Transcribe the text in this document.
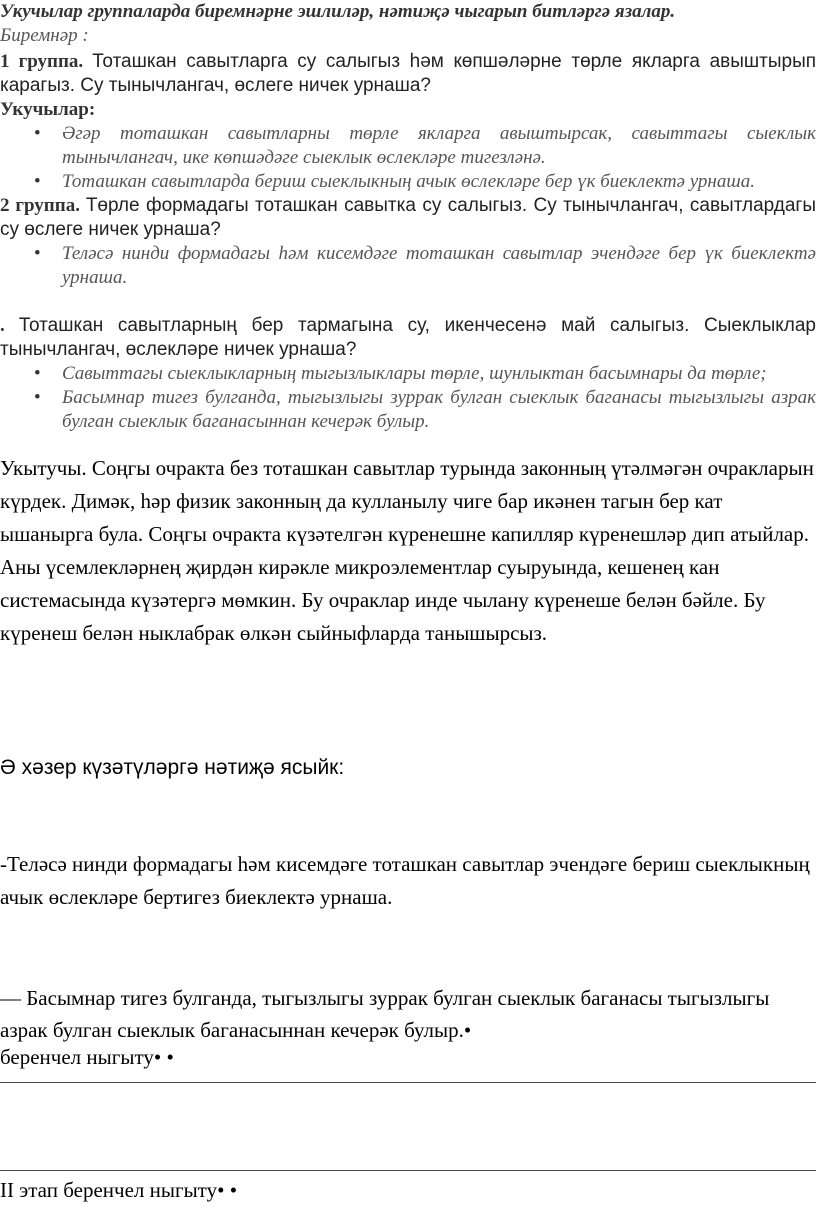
Укучылар группаларда биремнәрне эшлиләр, нәтиҗә чыгарып битләргә язалар.

Биремнәр :

1 группа. Тоташкан савытларга су салыгыз һәм көпшәләрне төрле якларга авыштырып карагыз. Су тынычлангач, өслеге ничек урнаша?

Укучылар:

• Әгәр тоташкан савытларны төрле якларга авыштырсак, савыттагы сыеклык тынычлангач, ике көпшәдәге сыеклык өслекләре тигезләнә.
• Тоташкан савытларда бериш сыеклыкның ачык өслекләре бер үк биеклектә урнаша.

2 группа. Төрле формадагы тоташкан савытка су салыгыз. Су тынычлангач, савытлардагы су өслеге ничек урнаша?

• Теләсә нинди формадагы һәм кисемдәге тоташкан савытлар эчендәге бер үк биеклектә урнаша.

. Тоташкан савытларның бер тармагына су, икенчесенә май салыгыз. Сыеклыклар тынычлангач, өслекләре ничек урнаша?

• Савыттагы сыеклыкларның тыгызлыклары төрле, шунлыктан басымнары да төрле;
• Басымнар тигез булганда, тыгызлыгы зуррак булган сыеклык баганасы тыгызлыгы азрак булган сыеклык баганасыннан кечерәк булыр.

Укытучы. Соңгы очракта без тоташкан савытлар турында законның үтәлмәгән очракларын күрдек. Димәк, һәр физик законның да кулланылу чиге бар икәнен тагын бер кат ышанырга була. Соңгы очракта күзәтелгән күренешне капилляр күренешләр дип атыйлар. Аны үсемлекләрнең җирдән кирәкле микроэлементлар суыруында, кешенең кан системасында күзәтергә мөмкин. Бу очраклар инде чылану күренеше белән бәйле. Бу күренеш белән ныклабрак өлкән сыйныфларда танышырсыз.

Ә хәзер күзәтүләргә нәтиҗә ясыйк:

-Теләсә нинди формадагы һәм кисемдәге тоташкан савытлар эчендәге бериш сыеклыкның ачык өслекләре бертигез биеклектә урнаша.

— Басымнар тигез булганда, тыгызлыгы зуррак булган сыеклык баганасы тыгызлыгы азрак булган сыеклык баганасыннан кечерәк булыр.•

беренчел ныгыту• •

II этап беренчел ныгыту• •
